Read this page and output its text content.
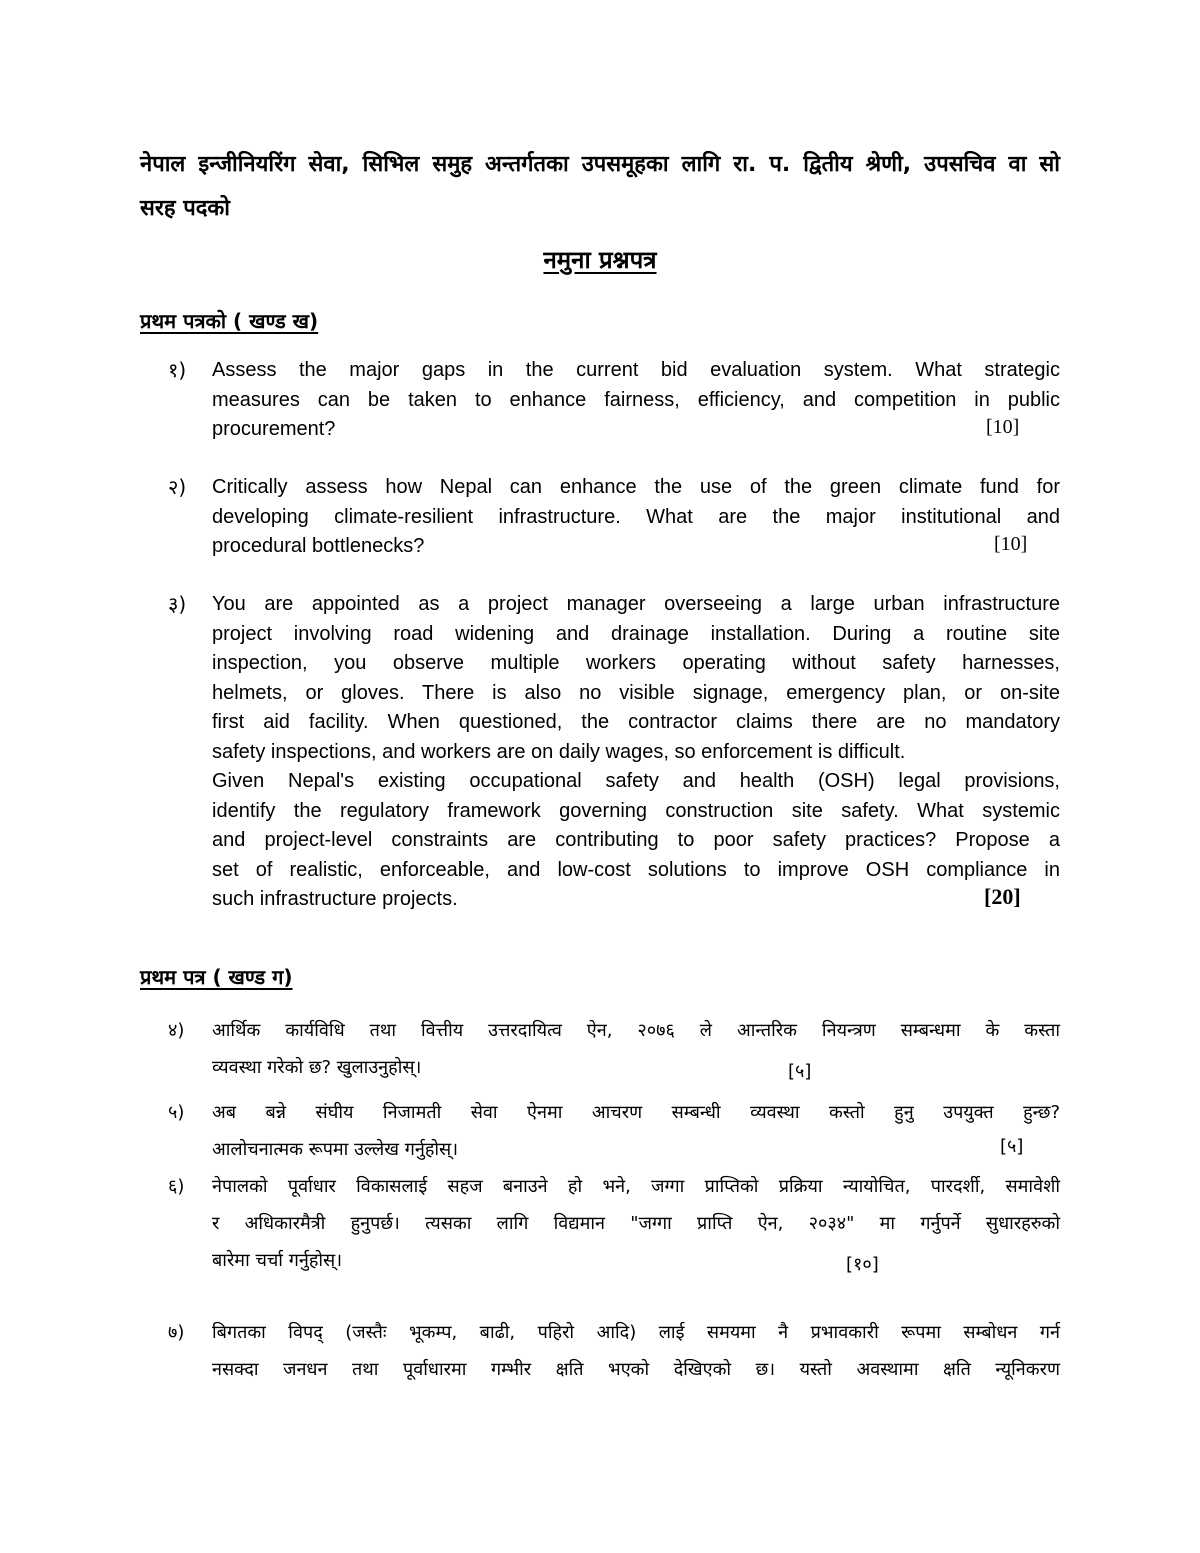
नेपाल इन्जीनियरिंग सेवा, सिभिल समुह अन्तर्गतका उपसमूहका लागि रा. प. द्वितीय श्रेणी, उपसचिव वा सो
सरह पदको
नमुना प्रश्नपत्र
प्रथम पत्रको ( खण्ड ख)
१) Assess the major gaps in the current bid evaluation system. What strategic
measures can be taken to enhance fairness, efficiency, and competition in public
procurement?	[10]
२) Critically assess how Nepal can enhance the use of the green climate fund for
developing climate-resilient infrastructure. What are the major institutional and
procedural bottlenecks?	[10]
३) You are appointed as a project manager overseeing a large urban infrastructure
project involving road widening and drainage installation. During a routine site
inspection, you observe multiple workers operating without safety harnesses,
helmets, or gloves. There is also no visible signage, emergency plan, or on-site
first aid facility. When questioned, the contractor claims there are no mandatory
safety inspections, and workers are on daily wages, so enforcement is difficult.
Given Nepal's existing occupational safety and health (OSH) legal provisions,
identify the regulatory framework governing construction site safety. What systemic
and project-level constraints are contributing to poor safety practices? Propose a
set of realistic, enforceable, and low-cost solutions to improve OSH compliance in
such infrastructure projects.	[20]
प्रथम पत्र ( खण्ड ग)
४) आर्थिक कार्यविधि तथा वित्तीय उत्तरदायित्व ऐन, २०७६ ले आन्तरिक नियन्त्रण सम्बन्धमा के कस्ता
व्यवस्था गरेको छ? खुलाउनुहोस्।	[५]
५) अब बन्ने संघीय निजामती सेवा ऐनमा आचरण सम्बन्धी व्यवस्था कस्तो हुनु उपयुक्त हुन्छ?
आलोचनात्मक रूपमा उल्लेख गर्नुहोस्।	[५]
६) नेपालको पूर्वाधार विकासलाई सहज बनाउने हो भने, जग्गा प्राप्तिको प्रक्रिया न्यायोचित, पारदर्शी, समावेशी
र अधिकारमैत्री हुनुपर्छ। त्यसका लागि विद्यमान "जग्गा प्राप्ति ऐन, २०३४" मा गर्नुपर्ने सुधारहरुको
बारेमा चर्चा गर्नुहोस्।	[१०]
७) बिगतका विपद् (जस्तैः भूकम्प, बाढी, पहिरो आदि) लाई समयमा नै प्रभावकारी रूपमा सम्बोधन गर्न
नसक्दा जनधन तथा पूर्वाधारमा गम्भीर क्षति भएको देखिएको छ। यस्तो अवस्थामा क्षति न्यूनिकरण
